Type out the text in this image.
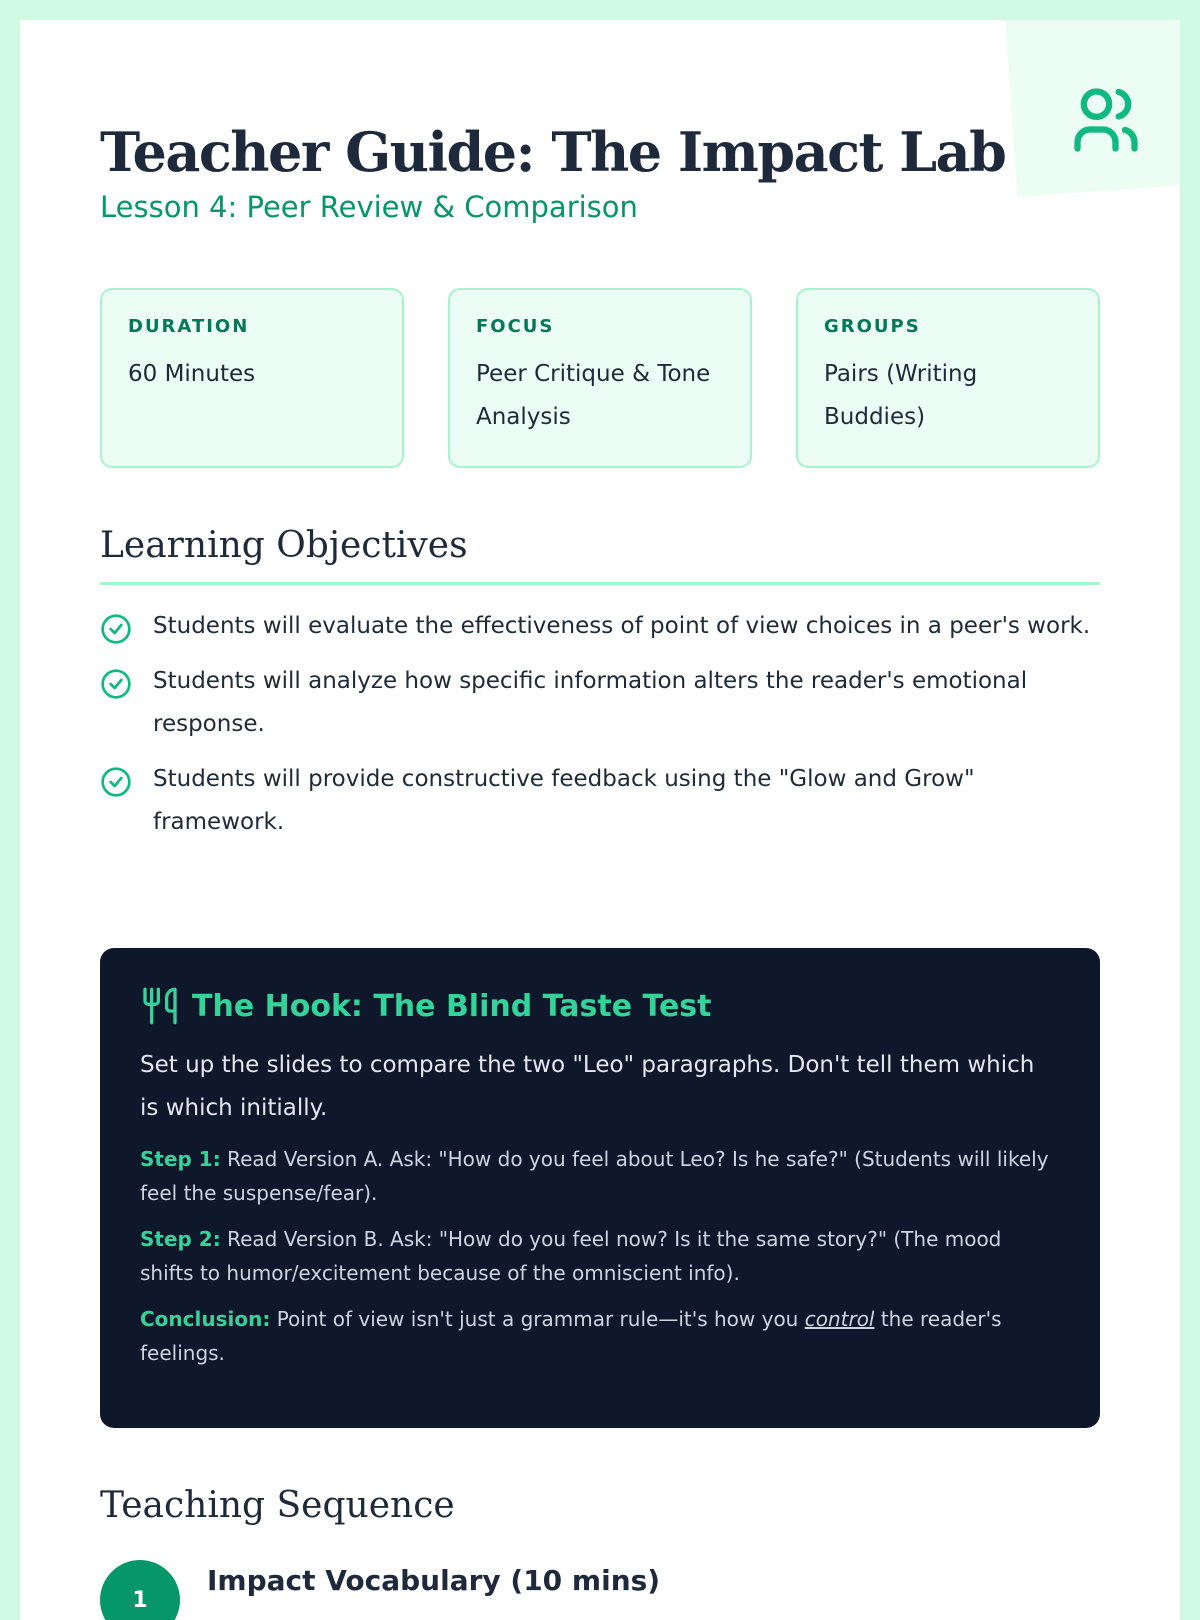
Teacher Guide: The Impact Lab
Lesson 4: Peer Review & Comparison
DURATION
60 Minutes
FOCUS
Peer Critique & Tone Analysis
GROUPS
Pairs (Writing Buddies)
Learning Objectives
Students will evaluate the effectiveness of point of view choices in a peer's work.
Students will analyze how specific information alters the reader's emotional response.
Students will provide constructive feedback using the "Glow and Grow" framework.
The Hook: The Blind Taste Test
Set up the slides to compare the two "Leo" paragraphs. Don't tell them which is which initially.
Step 1: Read Version A. Ask: "How do you feel about Leo? Is he safe?" (Students will likely feel the suspense/fear).
Step 2: Read Version B. Ask: "How do you feel now? Is it the same story?" (The mood shifts to humor/excitement because of the omniscient info).
Conclusion: Point of view isn't just a grammar rule—it's how you control the reader's feelings.
Teaching Sequence
1
Impact Vocabulary (10 mins)
